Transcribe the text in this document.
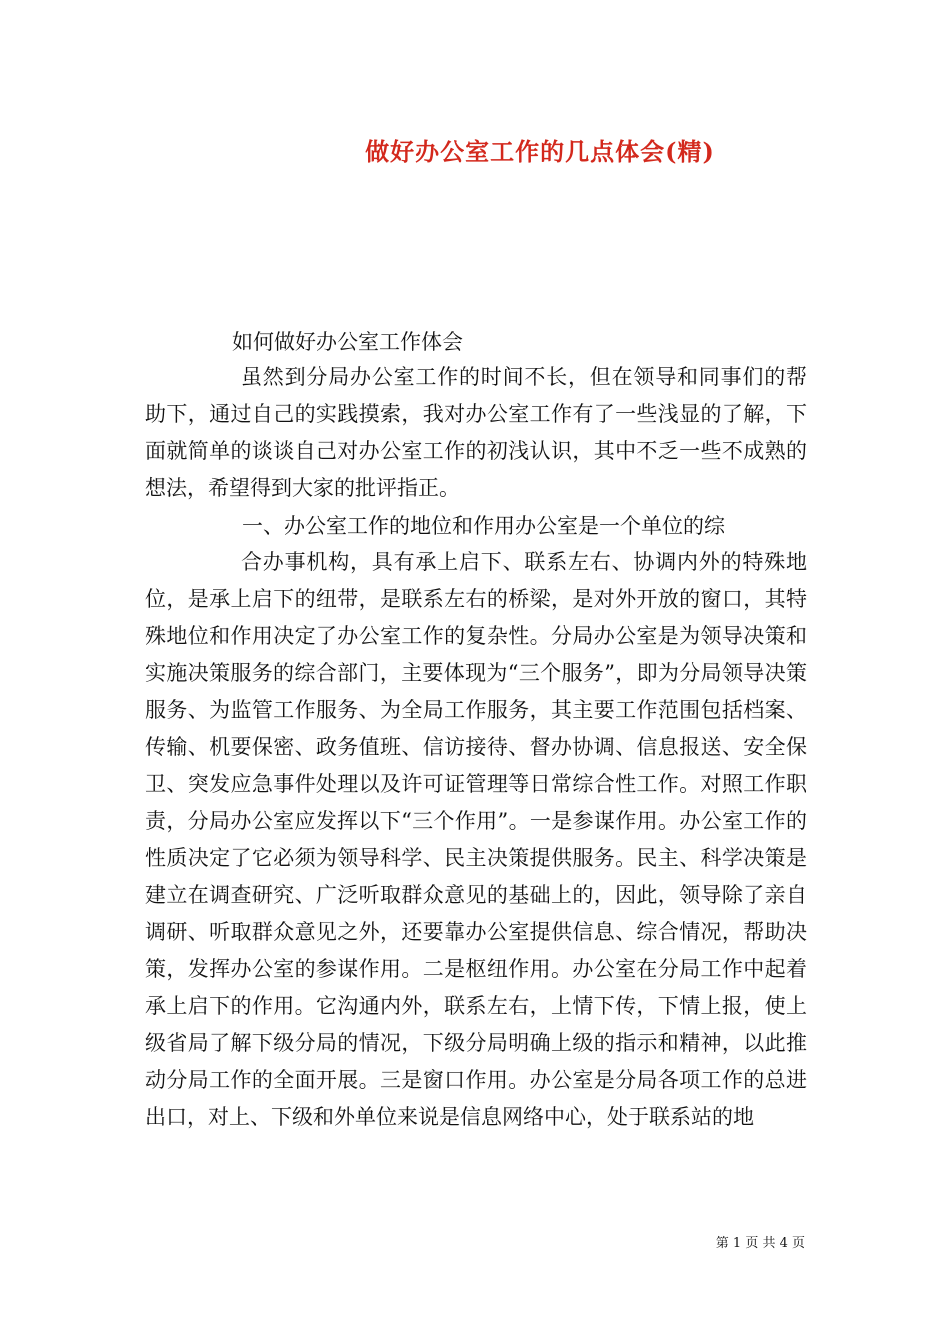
做好办公室工作的几点体会(精)
如何做好办公室工作体会

虽然到分局办公室工作的时间不长，但在领导和同事们的帮助下，通过自己的实践摸索，我对办公室工作有了一些浅显的了解，下面就简单的谈谈自己对办公室工作的初浅认识，其中不乏一些不成熟的想法，希望得到大家的批评指正。

一、办公室工作的地位和作用办公室是一个单位的综

合办事机构，具有承上启下、联系左右、协调内外的特殊地位，是承上启下的纽带，是联系左右的桥梁，是对外开放的窗口，其特殊地位和作用决定了办公室工作的复杂性。分局办公室是为领导决策和实施决策服务的综合部门，主要体现为“三个服务”，即为分局领导决策服务、为监管工作服务、为全局工作服务，其主要工作范围包括档案、传输、机要保密、政务值班、信访接待、督办协调、信息报送、安全保卫、突发应急事件处理以及许可证管理等日常综合性工作。对照工作职责，分局办公室应发挥以下“三个作用”。一是参谋作用。办公室工作的性质决定了它必须为领导科学、民主决策提供服务。民主、科学决策是建立在调查研究、广泛听取群众意见的基础上的，因此，领导除了亲自调研、听取群众意见之外，还要靠办公室提供信息、综合情况，帮助决策，发挥办公室的参谋作用。二是枢纽作用。办公室在分局工作中起着承上启下的作用。它沟通内外，联系左右，上情下传，下情上报，使上级省局了解下级分局的情况，下级分局明确上级的指示和精神，以此推动分局工作的全面开展。三是窗口作用。办公室是分局各项工作的总进出口，对上、下级和外单位来说是信息网络中心，处于联系站的地

第 1 页 共 4 页
